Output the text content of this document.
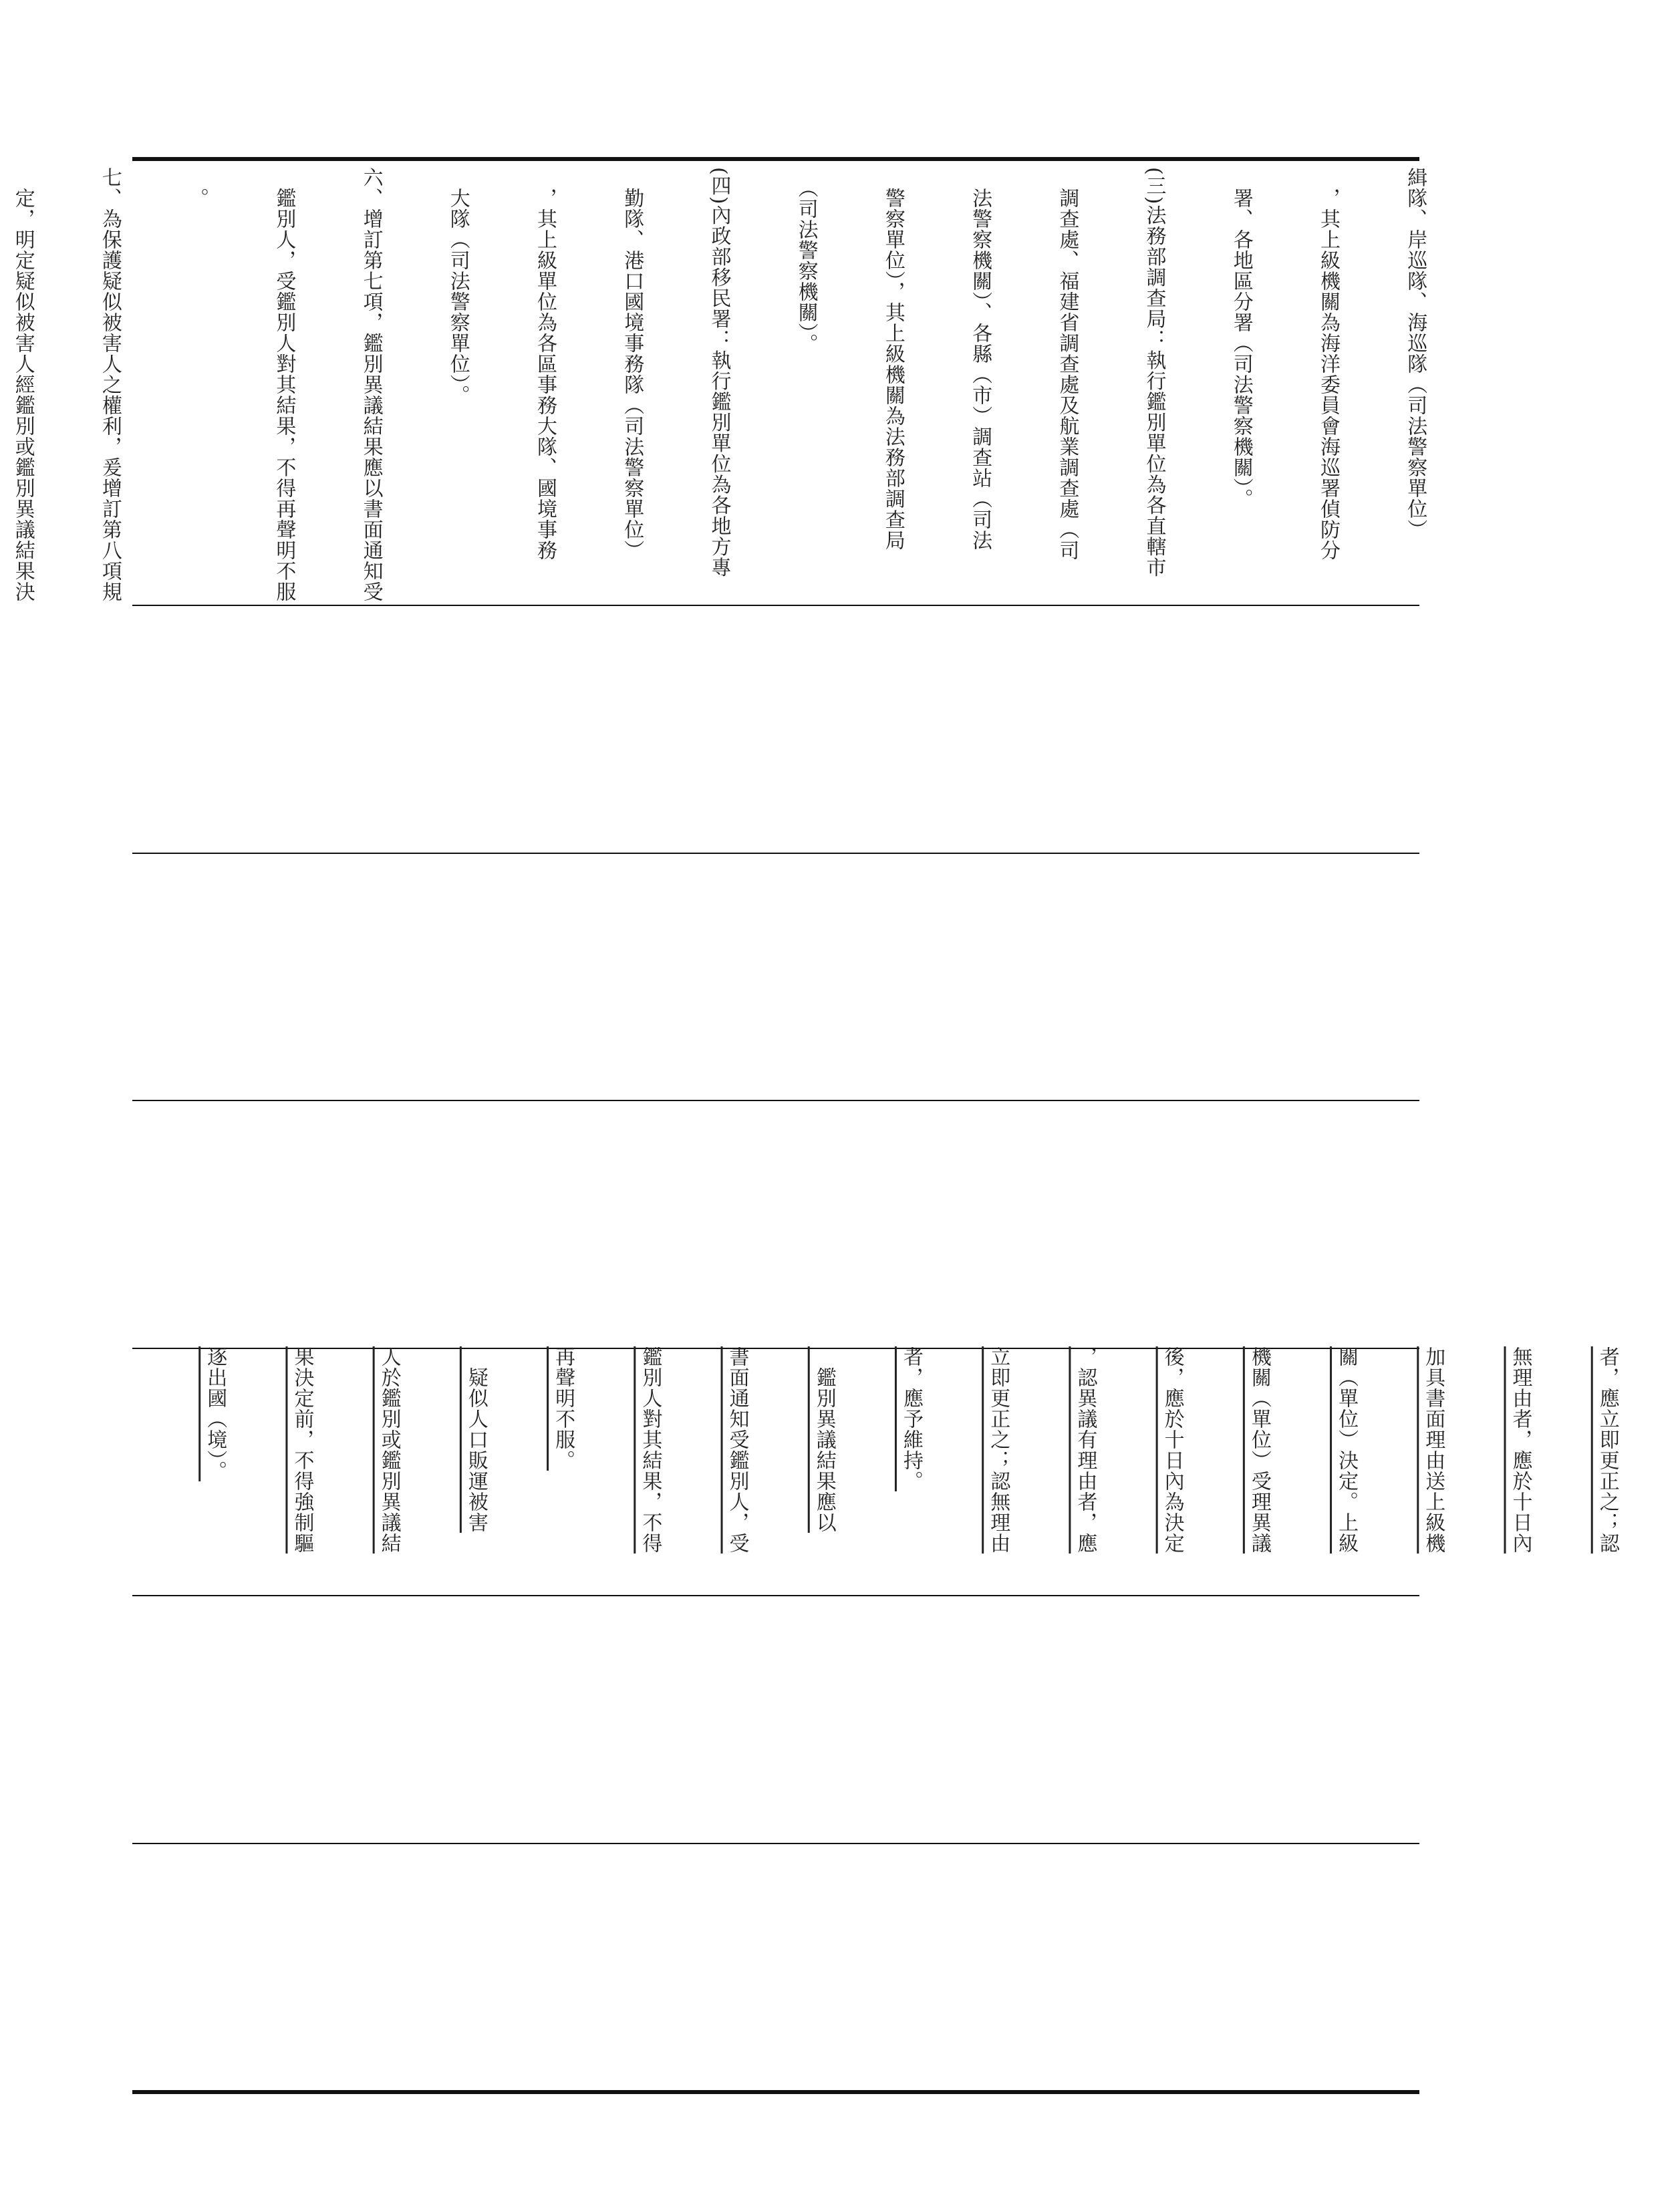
緝隊、岸巡隊、海巡隊（司法警察單位）

　，其上級機關為海洋委員會海巡署偵防分

　署、各地區分署（司法警察機關）。

(三)法務部調查局：執行鑑別單位為各直轄市

　調查處、福建省調查處及航業調查處（司

　法警察機關）、各縣（市）調查站（司法

　警察單位），其上級機關為法務部調查局

　（司法警察機關）。

(四)內政部移民署：執行鑑別單位為各地方專

　勤隊、港口國境事務隊（司法警察單位）

　，其上級單位為各區事務大隊、國境事務

　大隊（司法警察單位）。

六、增訂第七項，鑑別異議結果應以書面通知受

　鑑別人，受鑑別人對其結果，不得再聲明不服

　。

七、為保護疑似被害人之權利，爰增訂第八項規

　定，明定疑似被害人經鑑別或鑑別異議結果決

者，應立即更正之；認

無理由者，應於十日內

加具書面理由送上級機

關（單位）決定。上級

機關（單位）受理異議

後，應於十日內為決定

，認異議有理由者，應

立即更正之；認無理由

者，應予維持。

　鑑別異議結果應以

書面通知受鑑別人，受

鑑別人對其結果，不得

再聲明不服。

　疑似人口販運被害

人於鑑別或鑑別異議結

果決定前，不得強制驅

逐出國（境）。
